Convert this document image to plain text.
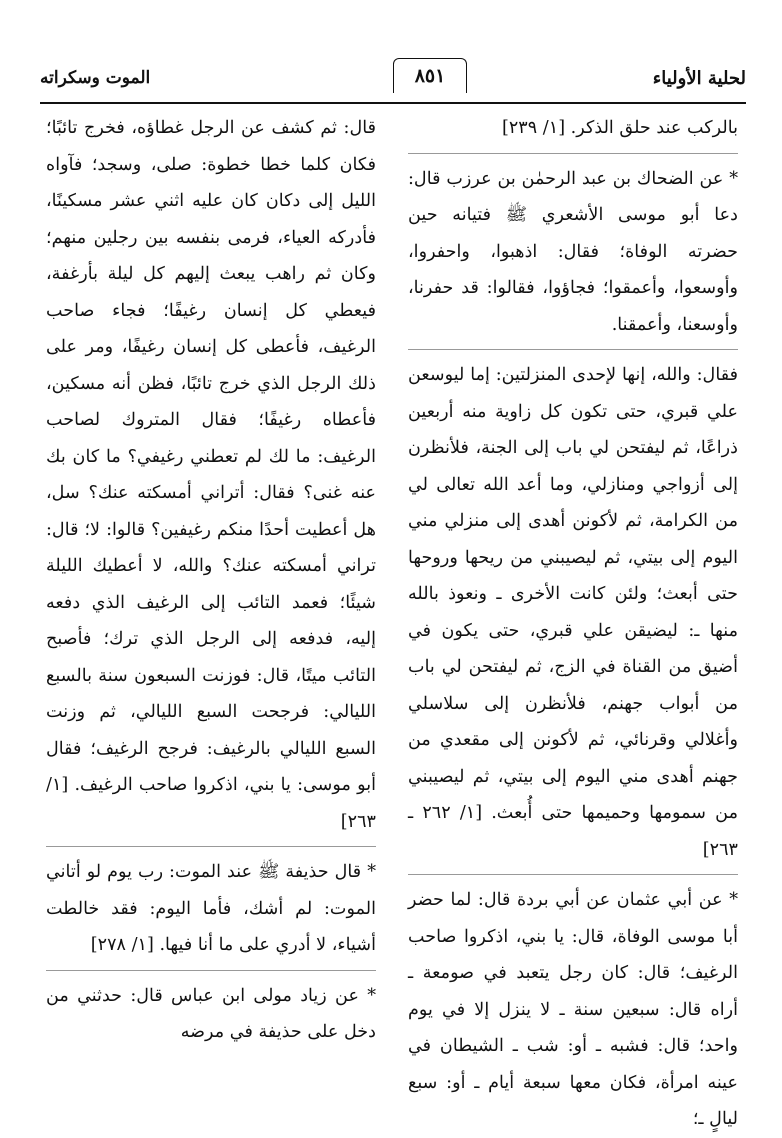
لحلية الأولياء
٨٥١
الموت وسكراته

بالركب عند حلق الذكر. [١/ ٢٣٩]

* عن الضحاك بن عبد الرحمٰن بن عرزب قال: دعا أبو موسى الأشعري ﷺ فتيانه حين حضرته الوفاة؛ فقال: اذهبوا، واحفروا، وأوسعوا، وأعمقوا؛ فجاؤوا، فقالوا: قد حفرنا، وأوسعنا، وأعمقنا.

فقال: والله، إنها لإحدى المنزلتين: إما ليوسعن علي قبري، حتى تكون كل زاوية منه أربعين ذراعًا، ثم ليفتحن لي باب إلى الجنة، فلأنظرن إلى أزواجي ومنازلي، وما أعد الله تعالى لي من الكرامة، ثم لأكونن أهدى إلى منزلي مني اليوم إلى بيتي، ثم ليصيبني من ريحها وروحها حتى أبعث؛ ولئن كانت الأخرى ـ ونعوذ بالله منها ـ: ليضيقن علي قبري، حتى يكون في أضيق من القناة في الزج، ثم ليفتحن لي باب من أبواب جهنم، فلأنظرن إلى سلاسلي وأغلالي وقرنائي، ثم لأكونن إلى مقعدي من جهنم أهدى مني اليوم إلى بيتي، ثم ليصيبني من سمومها وحميمها حتى أُبعث. [١/ ٢٦٢ ـ ٢٦٣]

* عن أبي عثمان عن أبي بردة قال: لما حضر أبا موسى الوفاة، قال: يا بني، اذكروا صاحب الرغيف؛ قال: كان رجل يتعبد في صومعة ـ أراه قال: سبعين سنة ـ لا ينزل إلا في يوم واحد؛ قال: فشبه ـ أو: شب ـ الشيطان في عينه امرأة، فكان معها سبعة أيام ـ أو: سبع ليالٍ ـ؛

قال: ثم كشف عن الرجل غطاؤه، فخرج تائبًا؛ فكان كلما خطا خطوة: صلى، وسجد؛ فآواه الليل إلى دكان كان عليه اثني عشر مسكينًا، فأدركه العياء، فرمى بنفسه بين رجلين منهم؛ وكان ثم راهب يبعث إليهم كل ليلة بأرغفة، فيعطي كل إنسان رغيفًا؛ فجاء صاحب الرغيف، فأعطى كل إنسان رغيفًا، ومر على ذلك الرجل الذي خرج تائبًا، فظن أنه مسكين، فأعطاه رغيفًا؛ فقال المتروك لصاحب الرغيف: ما لك لم تعطني رغيفي؟ ما كان بك عنه غنى؟ فقال: أتراني أمسكته عنك؟ سل، هل أعطيت أحدًا منكم رغيفين؟ قالوا: لا؛ قال: تراني أمسكته عنك؟ والله، لا أعطيك الليلة شيئًا؛ فعمد التائب إلى الرغيف الذي دفعه إليه، فدفعه إلى الرجل الذي ترك؛ فأصبح التائب ميتًا، قال: فوزنت السبعون سنة بالسبع الليالي: فرجحت السبع الليالي، ثم وزنت السبع الليالي بالرغيف: فرجح الرغيف؛ فقال أبو موسى: يا بني، اذكروا صاحب الرغيف. [١/ ٢٦٣]

* قال حذيفة ﷺ عند الموت: رب يوم لو أتاني الموت: لم أشك، فأما اليوم: فقد خالطت أشياء، لا أدري على ما أنا فيها. [١/ ٢٧٨]

* عن زياد مولى ابن عباس قال: حدثني من دخل على حذيفة في مرضه
